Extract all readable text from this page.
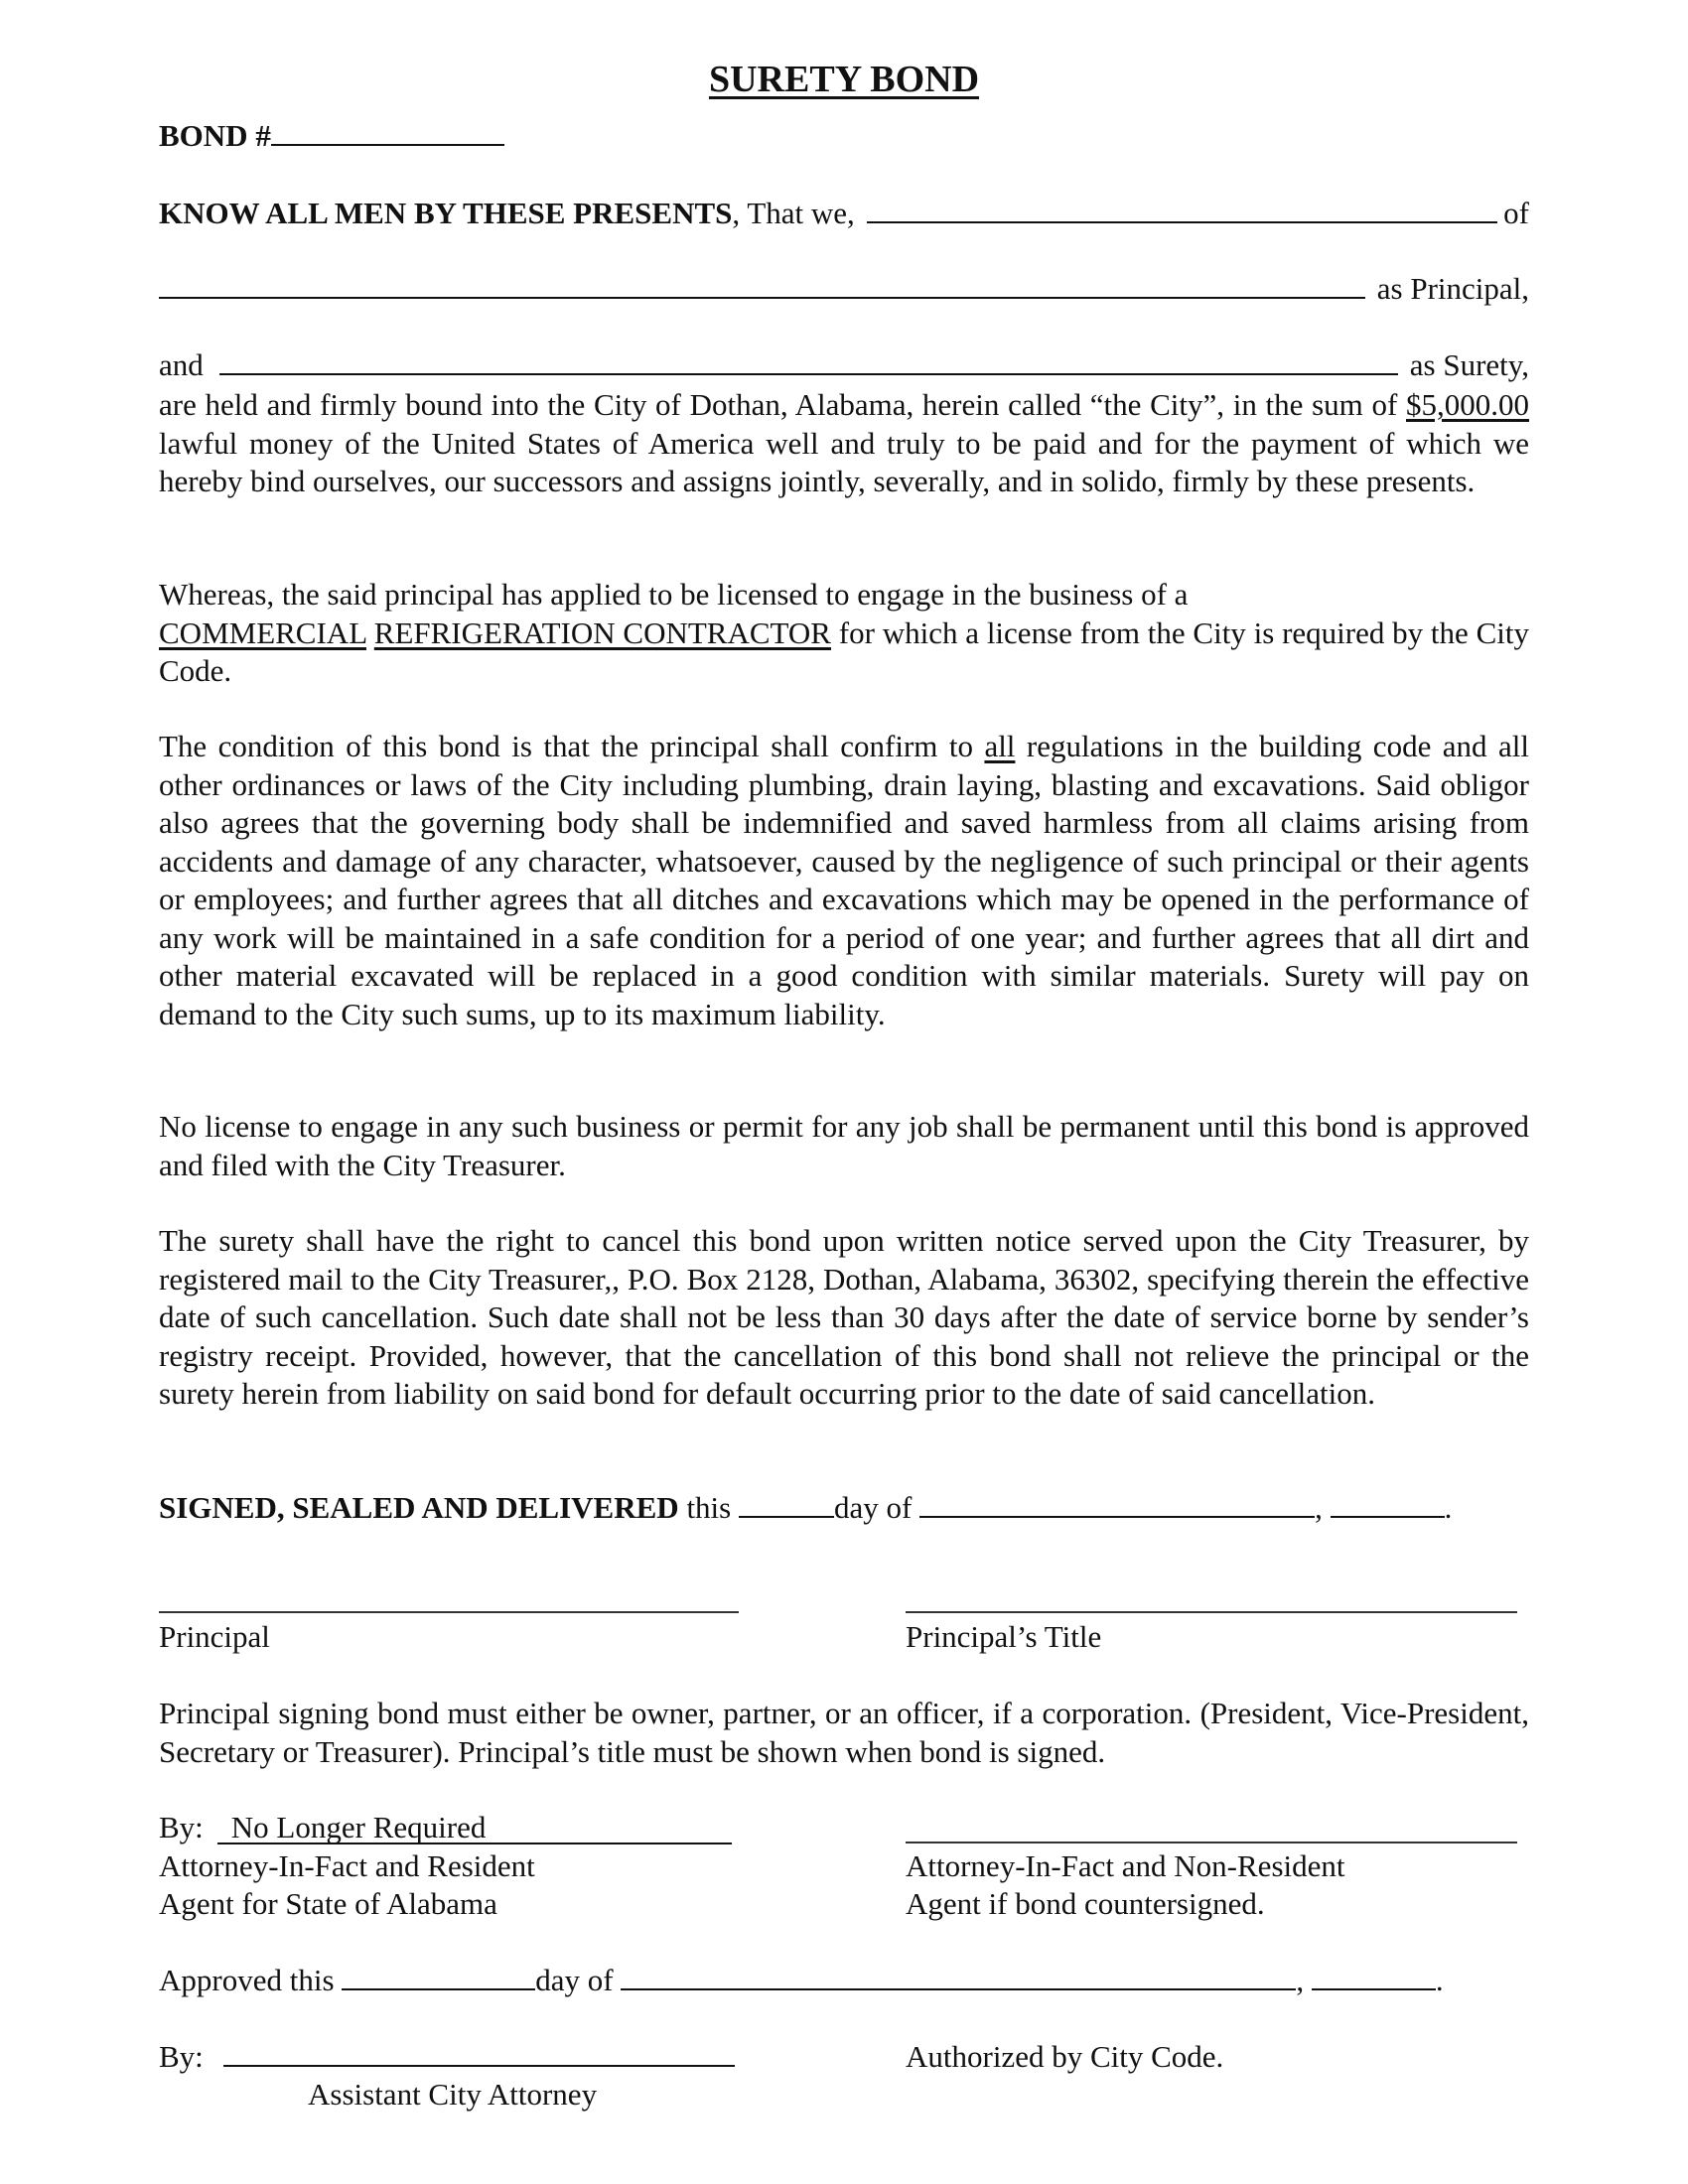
SURETY BOND
BOND #
KNOW ALL MEN BY THESE PRESENTS , That we,	of
as Principal,
and	as Surety,
are held and firmly bound into the City of Dothan, Alabama, herein called “the City”, in the sum of $5,000.00 lawful money of the United States of America well and truly to be paid and for the payment of which we hereby bind ourselves, our successors and assigns jointly, severally, and in solido, firmly by these presents.
Whereas, the said principal has applied to be licensed to engage in the business of a
COMMERCIAL REFRIGERATION CONTRACTOR for which a license from the City is required by the City Code.
The condition of this bond is that the principal shall confirm to all regulations in the building code and all other ordinances or laws of the City including plumbing, drain laying, blasting and excavations. Said obligor also agrees that the governing body shall be indemnified and saved harmless from all claims arising from accidents and damage of any character, whatsoever, caused by the negligence of such principal or their agents or employees; and further agrees that all ditches and excavations which may be opened in the performance of any work will be maintained in a safe condition for a period of one year; and further agrees that all dirt and other material excavated will be replaced in a good condition with similar materials. Surety will pay on demand to the City such sums, up to its maximum liability.
No license to engage in any such business or permit for any job shall be permanent until this bond is approved and filed with the City Treasurer.
The surety shall have the right to cancel this bond upon written notice served upon the City Treasurer, by registered mail to the City Treasurer,, P.O. Box 2128, Dothan, Alabama, 36302, specifying therein the effective date of such cancellation. Such date shall not be less than 30 days after the date of service borne by sender’s registry receipt. Provided, however, that the cancellation of this bond shall not relieve the principal or the surety herein from liability on said bond for default occurring prior to the date of said cancellation.
SIGNED, SEALED AND DELIVERED this	day of	,	.
Principal	Principal’s Title
Principal signing bond must either be owner, partner, or an officer, if a corporation. (President, Vice-President, Secretary or Treasurer). Principal’s title must be shown when bond is signed.
By: No Longer Required
Attorney-In-Fact and Resident
Agent for State of Alabama
Attorney-In-Fact and Non-Resident
Agent if bond countersigned.
Approved this	day of	,	.
By:	Authorized by City Code.
Assistant City Attorney
